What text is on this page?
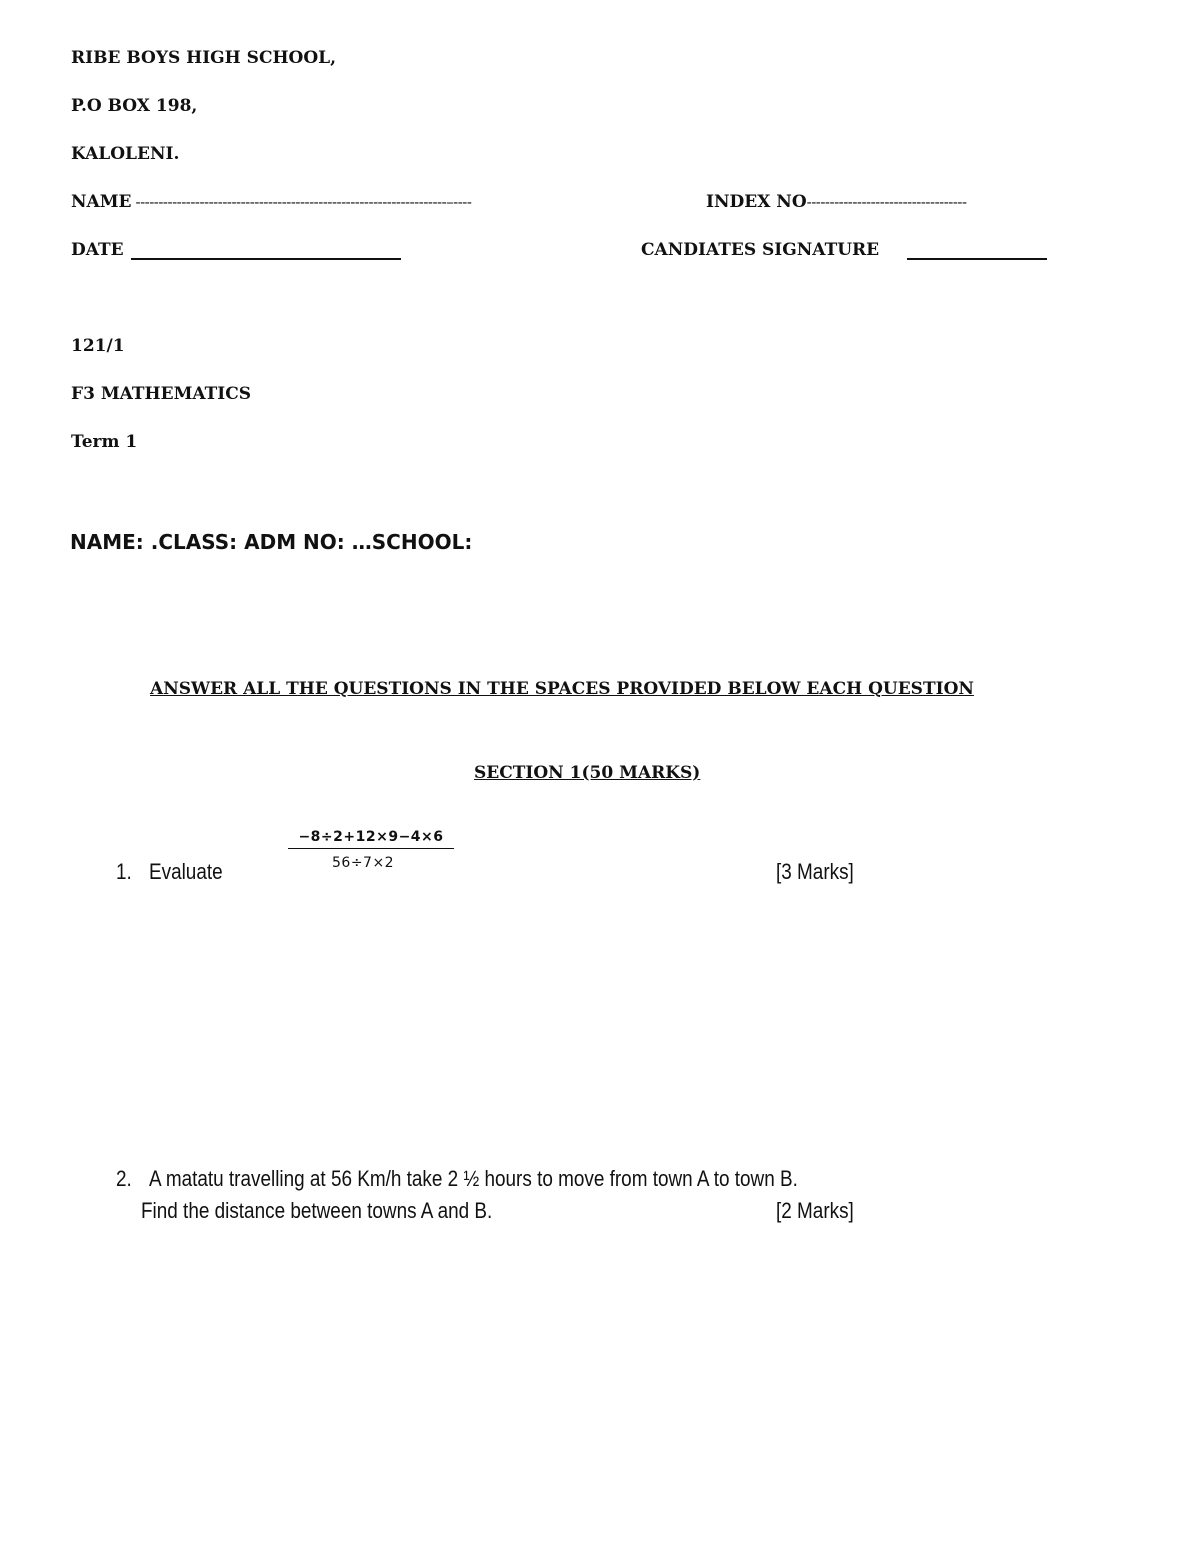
RIBE BOYS HIGH SCHOOL,
P.O BOX 198,
KALOLENI.
NAME --------------------------------------------------------------------–----	INDEX NO-----------------------------------
DATE	CANDIATES SIGNATURE
121/1
F3 MATHEMATICS
Term 1
NAME: .CLASS: ADM NO: …SCHOOL:
ANSWER ALL THE QUESTIONS IN THE SPACES PROVIDED BELOW EACH QUESTION
SECTION 1(50 MARKS)
1. Evaluate
$\frac{-8\div 2+12\times 9-4\times 6}{56\div 7\times 2}$
[3 Marks]
2. A matatu travelling at 56 Km/h take 2 ½ hours to move from town A to town B.
Find the distance between towns A and B.	[2 Marks]
